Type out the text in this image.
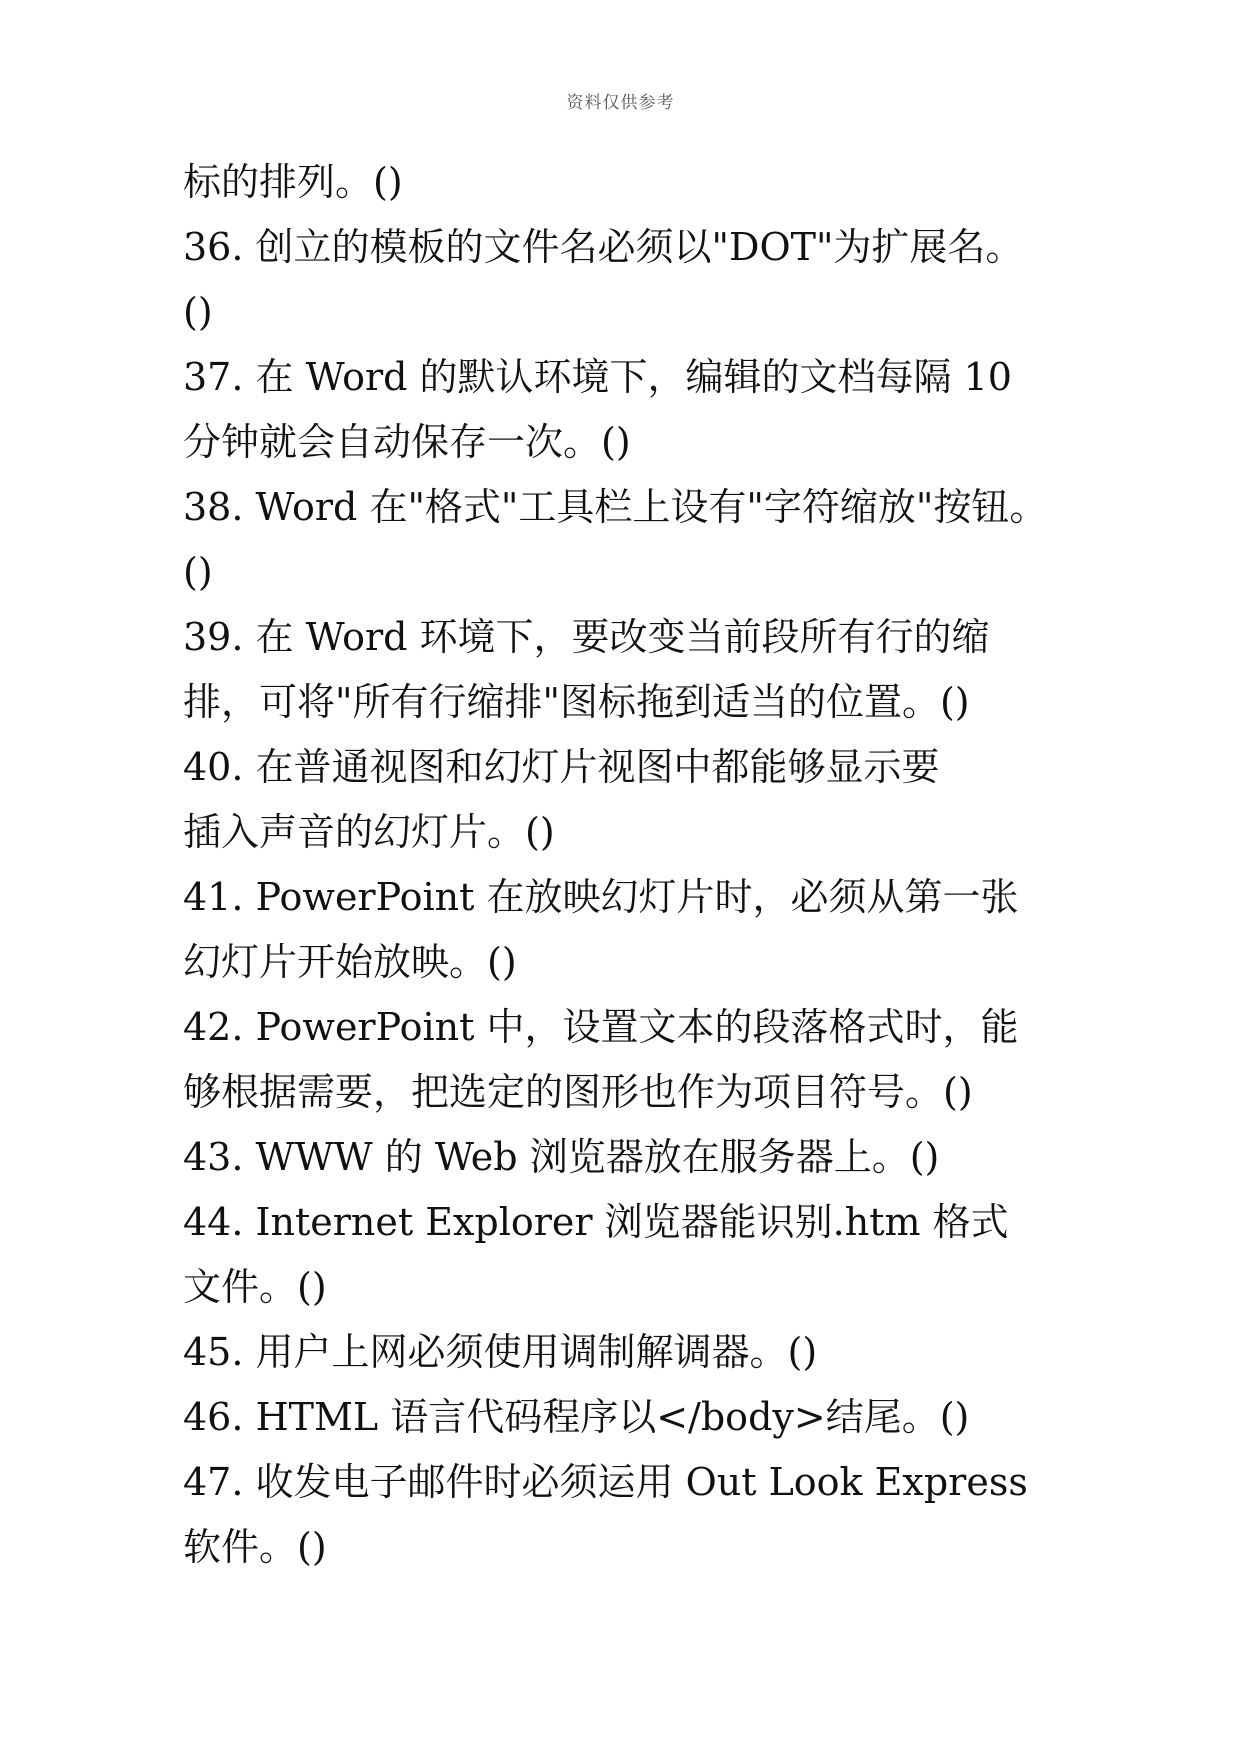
资料仅供参考
标的排列。()
36. 创立的模板的文件名必须以"DOT"为扩展名。
()
37. 在 Word 的默认环境下，编辑的文档每隔 10
分钟就会自动保存一次。()
38. Word 在"格式"工具栏上设有"字符缩放"按钮。
()
39. 在 Word 环境下，要改变当前段所有行的缩
排，可将"所有行缩排"图标拖到适当的位置。()
40. 在普通视图和幻灯片视图中都能够显示要
插入声音的幻灯片。()
41. PowerPoint 在放映幻灯片时，必须从第一张
幻灯片开始放映。()
42. PowerPoint 中，设置文本的段落格式时，能
够根据需要，把选定的图形也作为项目符号。()
43. WWW 的 Web 浏览器放在服务器上。()
44. Internet Explorer 浏览器能识别.htm 格式
文件。()
45. 用户上网必须使用调制解调器。()
46. HTML 语言代码程序以</body>结尾。()
47. 收发电子邮件时必须运用 Out Look Express
软件。()
